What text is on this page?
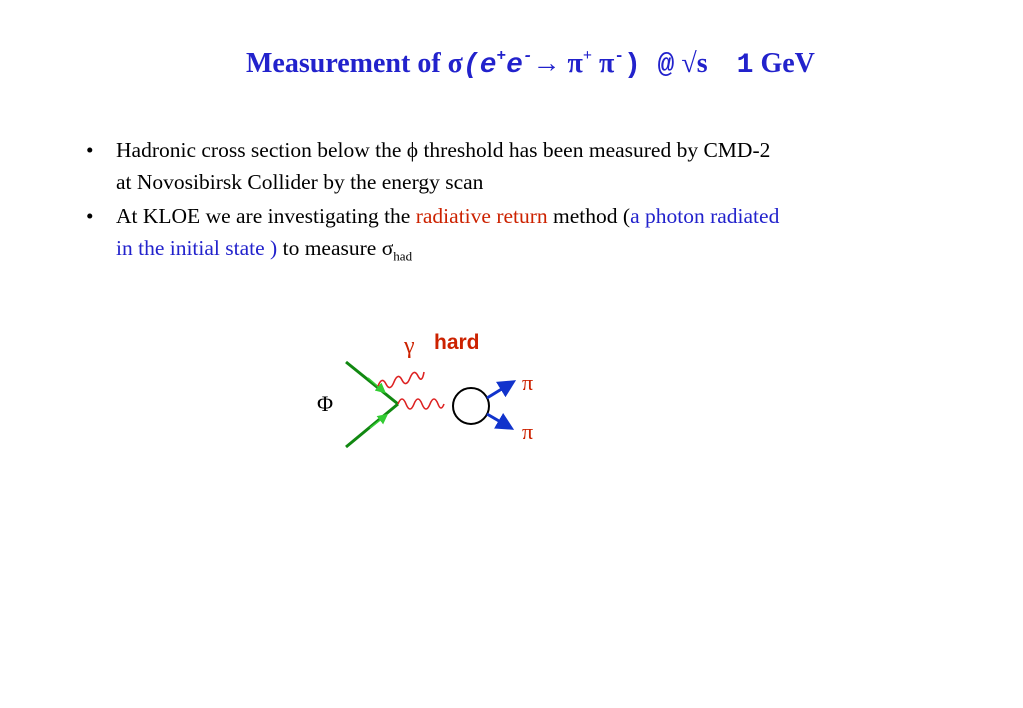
Measurement of σ(e+e-→ π+ π-) @ √s 1 GeV
• Hadronic cross section below the ϕ threshold has been measured by CMD-2
at Novosibirsk Collider by the energy scan
• At KLOE we are investigating the radiative return method (a photon radiated
in the initial state ) to measure $\sigma_{had}$
γ hard
Φ
π
π
